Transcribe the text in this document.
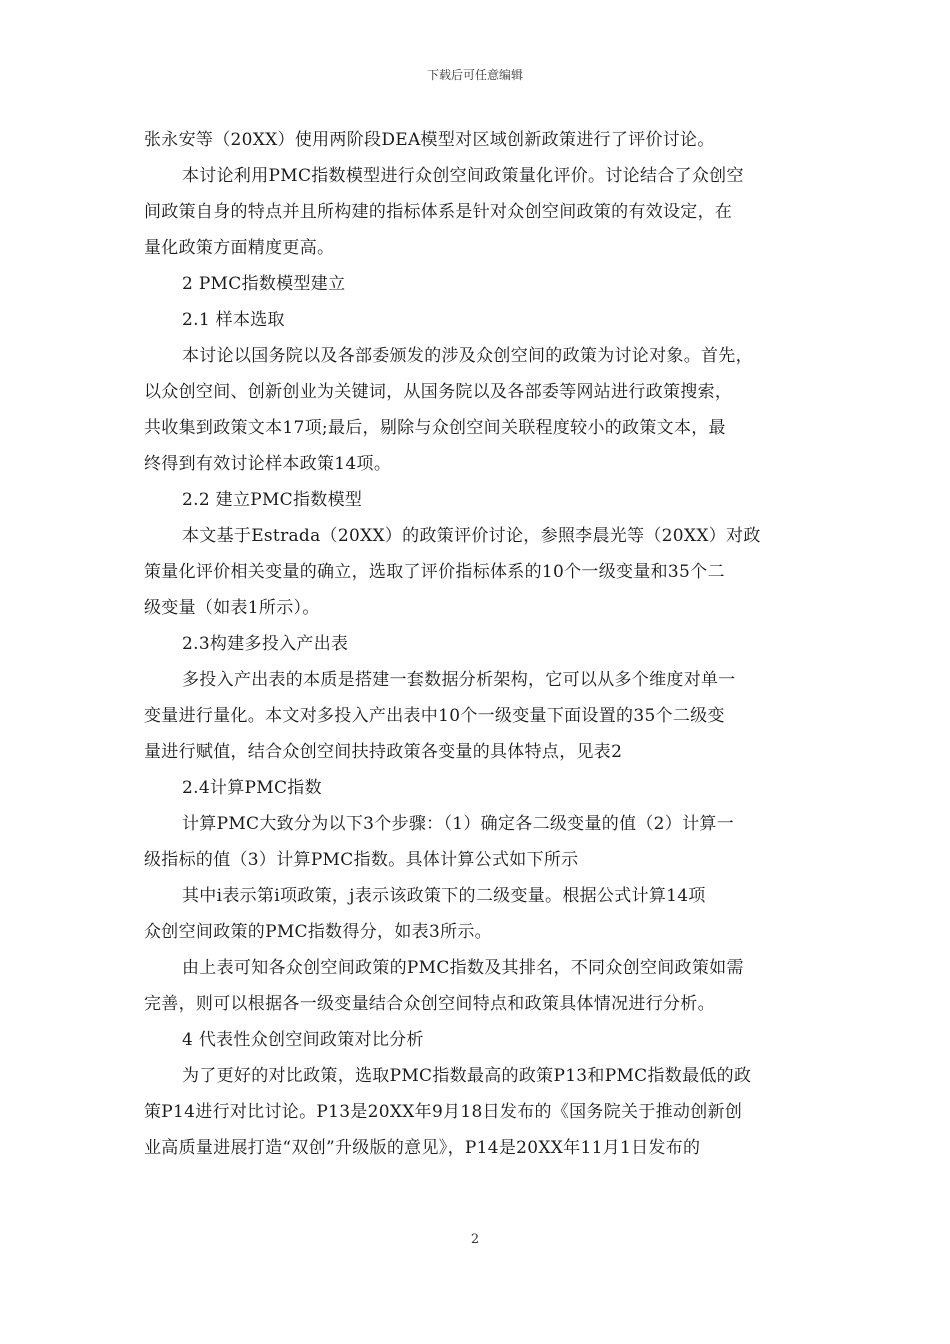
下载后可任意编辑
张永安等（20XX）使用两阶段DEA模型对区域创新政策进行了评价讨论。
本讨论利用PMC指数模型进行众创空间政策量化评价。讨论结合了众创空
间政策自身的特点并且所构建的指标体系是针对众创空间政策的有效设定，在
量化政策方面精度更高。
2 PMC指数模型建立
2.1 样本选取
本讨论以国务院以及各部委颁发的涉及众创空间的政策为讨论对象。首先，
以众创空间、创新创业为关键词，从国务院以及各部委等网站进行政策搜索，
共收集到政策文本17项;最后，剔除与众创空间关联程度较小的政策文本，最
终得到有效讨论样本政策14项。
2.2 建立PMC指数模型
本文基于Estrada（20XX）的政策评价讨论，参照李晨光等（20XX）对政
策量化评价相关变量的确立，选取了评价指标体系的10个一级变量和35个二
级变量（如表1所示）。
2.3构建多投入产出表
多投入产出表的本质是搭建一套数据分析架构，它可以从多个维度对单一
变量进行量化。本文对多投入产出表中10个一级变量下面设置的35个二级变
量进行赋值，结合众创空间扶持政策各变量的具体特点，见表2
2.4计算PMC指数
计算PMC大致分为以下3个步骤：（1）确定各二级变量的值（2）计算一
级指标的值（3）计算PMC指数。具体计算公式如下所示
其中i表示第i项政策，j表示该政策下的二级变量。根据公式计算14项
众创空间政策的PMC指数得分，如表3所示。
由上表可知各众创空间政策的PMC指数及其排名，不同众创空间政策如需
完善，则可以根据各一级变量结合众创空间特点和政策具体情况进行分析。
4 代表性众创空间政策对比分析
为了更好的对比政策，选取PMC指数最高的政策P13和PMC指数最低的政
策P14进行对比讨论。P13是20XX年9月18日发布的《国务院关于推动创新创
业高质量进展打造“双创”升级版的意见》，P14是20XX年11月1日发布的
2
